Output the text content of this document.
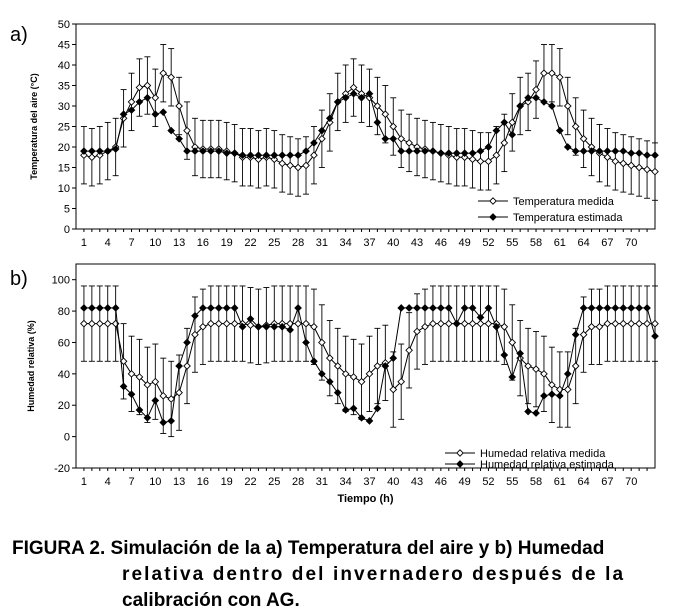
0
5
10
15
20
25
30
35
40
45
50
1 4 7 10 13 16 19 22 25 28 31 34 37 40 43 46 49 52 55 58 61 64 67 70
Temperatura del aire (°C)
Temperatura medida
Temperatura estimada
-20
0
20
40
60
80
100
1 4 7 10 13 16 19 22 25 28 31 34 37 40 43 46 49 52 55 58 61 64 67 70
Humedad relativa (%)
Tiempo (h)
Humedad relativa medida
Humedad relativa estimada
a)
b)
FIGURA 2. Simulación de la a) Temperatura del aire y b) Humedad
relativa dentro del invernadero después de la
calibración con AG.
